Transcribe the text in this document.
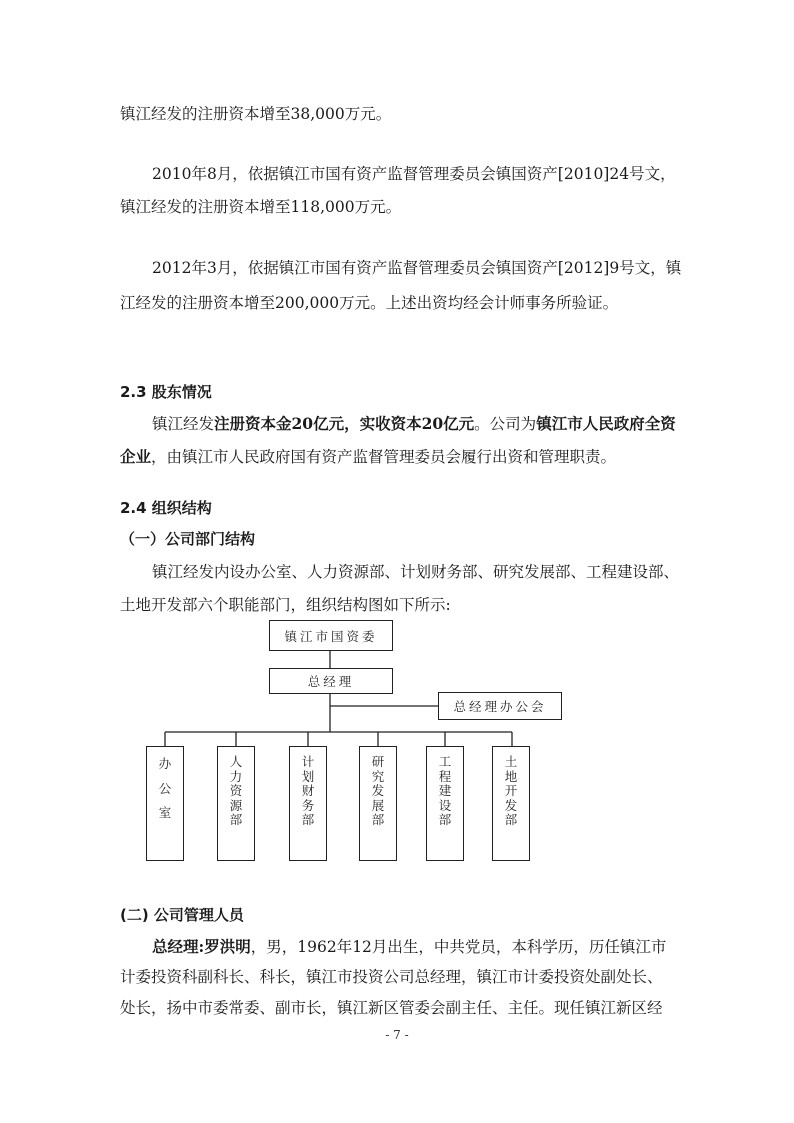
镇江经发的注册资本增至38,000万元。
2010年8月，依据镇江市国有资产监督管理委员会镇国资产[2010]24号文，
镇江经发的注册资本增至118,000万元。
2012年3月，依据镇江市国有资产监督管理委员会镇国资产[2012]9号文，镇
江经发的注册资本增至200,000万元。上述出资均经会计师事务所验证。
2.3 股东情况
镇江经发注册资本金20亿元，实收资本20亿元。公司为镇江市人民政府全资
企业，由镇江市人民政府国有资产监督管理委员会履行出资和管理职责。
2.4 组织结构
（一）公司部门结构
镇江经发内设办公室、人力资源部、计划财务部、研究发展部、工程建设部、
土地开发部六个职能部门，组织结构图如下所示:
镇江市国资委
总经理
总经理办公会
办
公
室
人
力
资
源
部
计
划
财
务
部
研
究
发
展
部
工
程
建
设
部
土
地
开
发
部
(二) 公司管理人员
总经理:罗洪明，男，1962年12月出生，中共党员，本科学历，历任镇江市
计委投资科副科长、科长，镇江市投资公司总经理，镇江市计委投资处副处长、
处长，扬中市委常委、副市长，镇江新区管委会副主任、主任。现任镇江新区经
- 7 -
